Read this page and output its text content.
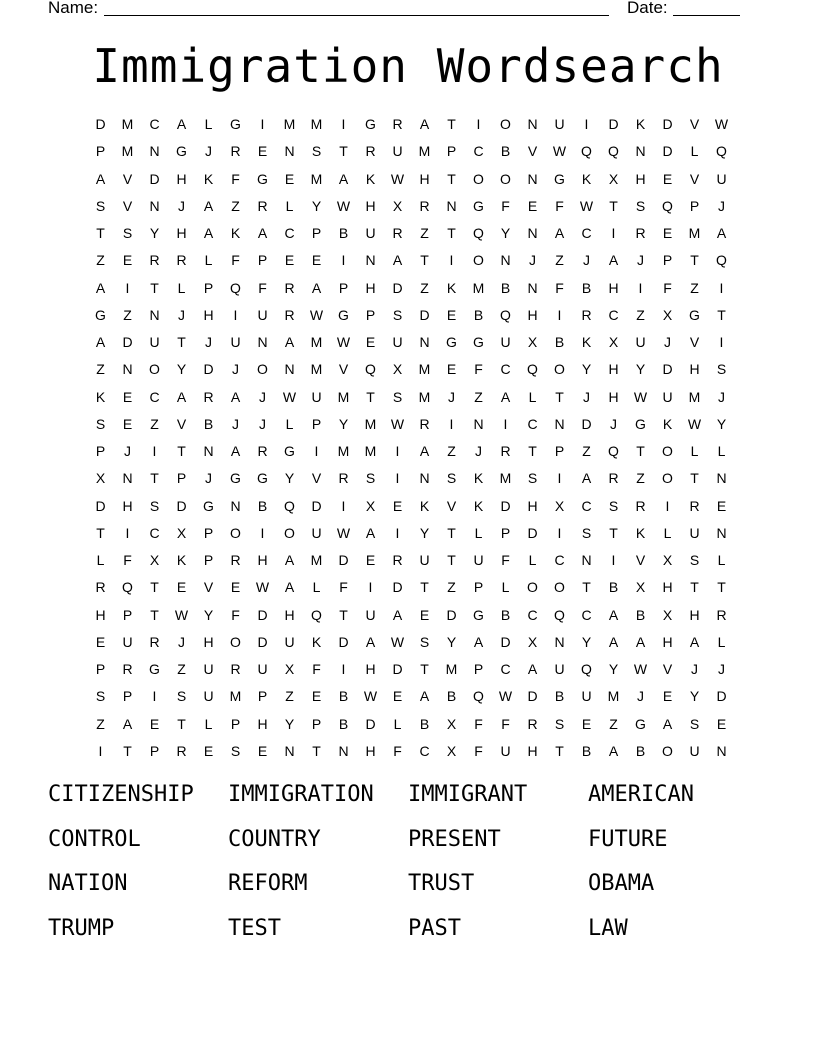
Name:	Date:
Immigration Wordsearch
D	M	C	A	L	G	I	M	M	I	G	R	A	T	I	O	N	U	I	D	K	D	V	W
P	M	N	G	J	R	E	N	S	T	R	U	M	P	C	B	V	W	Q	Q	N	D	L	Q
A	V	D	H	K	F	G	E	M	A	K	W	H	T	O	O	N	G	K	X	H	E	V	U
S	V	N	J	A	Z	R	L	Y	W	H	X	R	N	G	F	E	F	W	T	S	Q	P	J
T	S	Y	H	A	K	A	C	P	B	U	R	Z	T	Q	Y	N	A	C	I	R	E	M	A
Z	E	R	R	L	F	P	E	E	I	N	A	T	I	O	N	J	Z	J	A	J	P	T	Q
A	I	T	L	P	Q	F	R	A	P	H	D	Z	K	M	B	N	F	B	H	I	F	Z	I
G	Z	N	J	H	I	U	R	W	G	P	S	D	E	B	Q	H	I	R	C	Z	X	G	T
A	D	U	T	J	U	N	A	M	W	E	U	N	G	G	U	X	B	K	X	U	J	V	I
Z	N	O	Y	D	J	O	N	M	V	Q	X	M	E	F	C	Q	O	Y	H	Y	D	H	S
K	E	C	A	R	A	J	W	U	M	T	S	M	J	Z	A	L	T	J	H	W	U	M	J
S	E	Z	V	B	J	J	L	P	Y	M	W	R	I	N	I	C	N	D	J	G	K	W	Y
P	J	I	T	N	A	R	G	I	M	M	I	A	Z	J	R	T	P	Z	Q	T	O	L	L
X	N	T	P	J	G	G	Y	V	R	S	I	N	S	K	M	S	I	A	R	Z	O	T	N
D	H	S	D	G	N	B	Q	D	I	X	E	K	V	K	D	H	X	C	S	R	I	R	E
T	I	C	X	P	O	I	O	U	W	A	I	Y	T	L	P	D	I	S	T	K	L	U	N
L	F	X	K	P	R	H	A	M	D	E	R	U	T	U	F	L	C	N	I	V	X	S	L
R	Q	T	E	V	E	W	A	L	F	I	D	T	Z	P	L	O	O	T	B	X	H	T	T
H	P	T	W	Y	F	D	H	Q	T	U	A	E	D	G	B	C	Q	C	A	B	X	H	R
E	U	R	J	H	O	D	U	K	D	A	W	S	Y	A	D	X	N	Y	A	A	H	A	L
P	R	G	Z	U	R	U	X	F	I	H	D	T	M	P	C	A	U	Q	Y	W	V	J	J
S	P	I	S	U	M	P	Z	E	B	W	E	A	B	Q	W	D	B	U	M	J	E	Y	D
Z	A	E	T	L	P	H	Y	P	B	D	L	B	X	F	F	R	S	E	Z	G	A	S	E
I	T	P	R	E	S	E	N	T	N	H	F	C	X	F	U	H	T	B	A	B	O	U	N
CITIZENSHIP	IMMIGRATION	IMMIGRANT	AMERICAN
CONTROL	COUNTRY	PRESENT	FUTURE
NATION	REFORM	TRUST	OBAMA
TRUMP	TEST	PAST	LAW
